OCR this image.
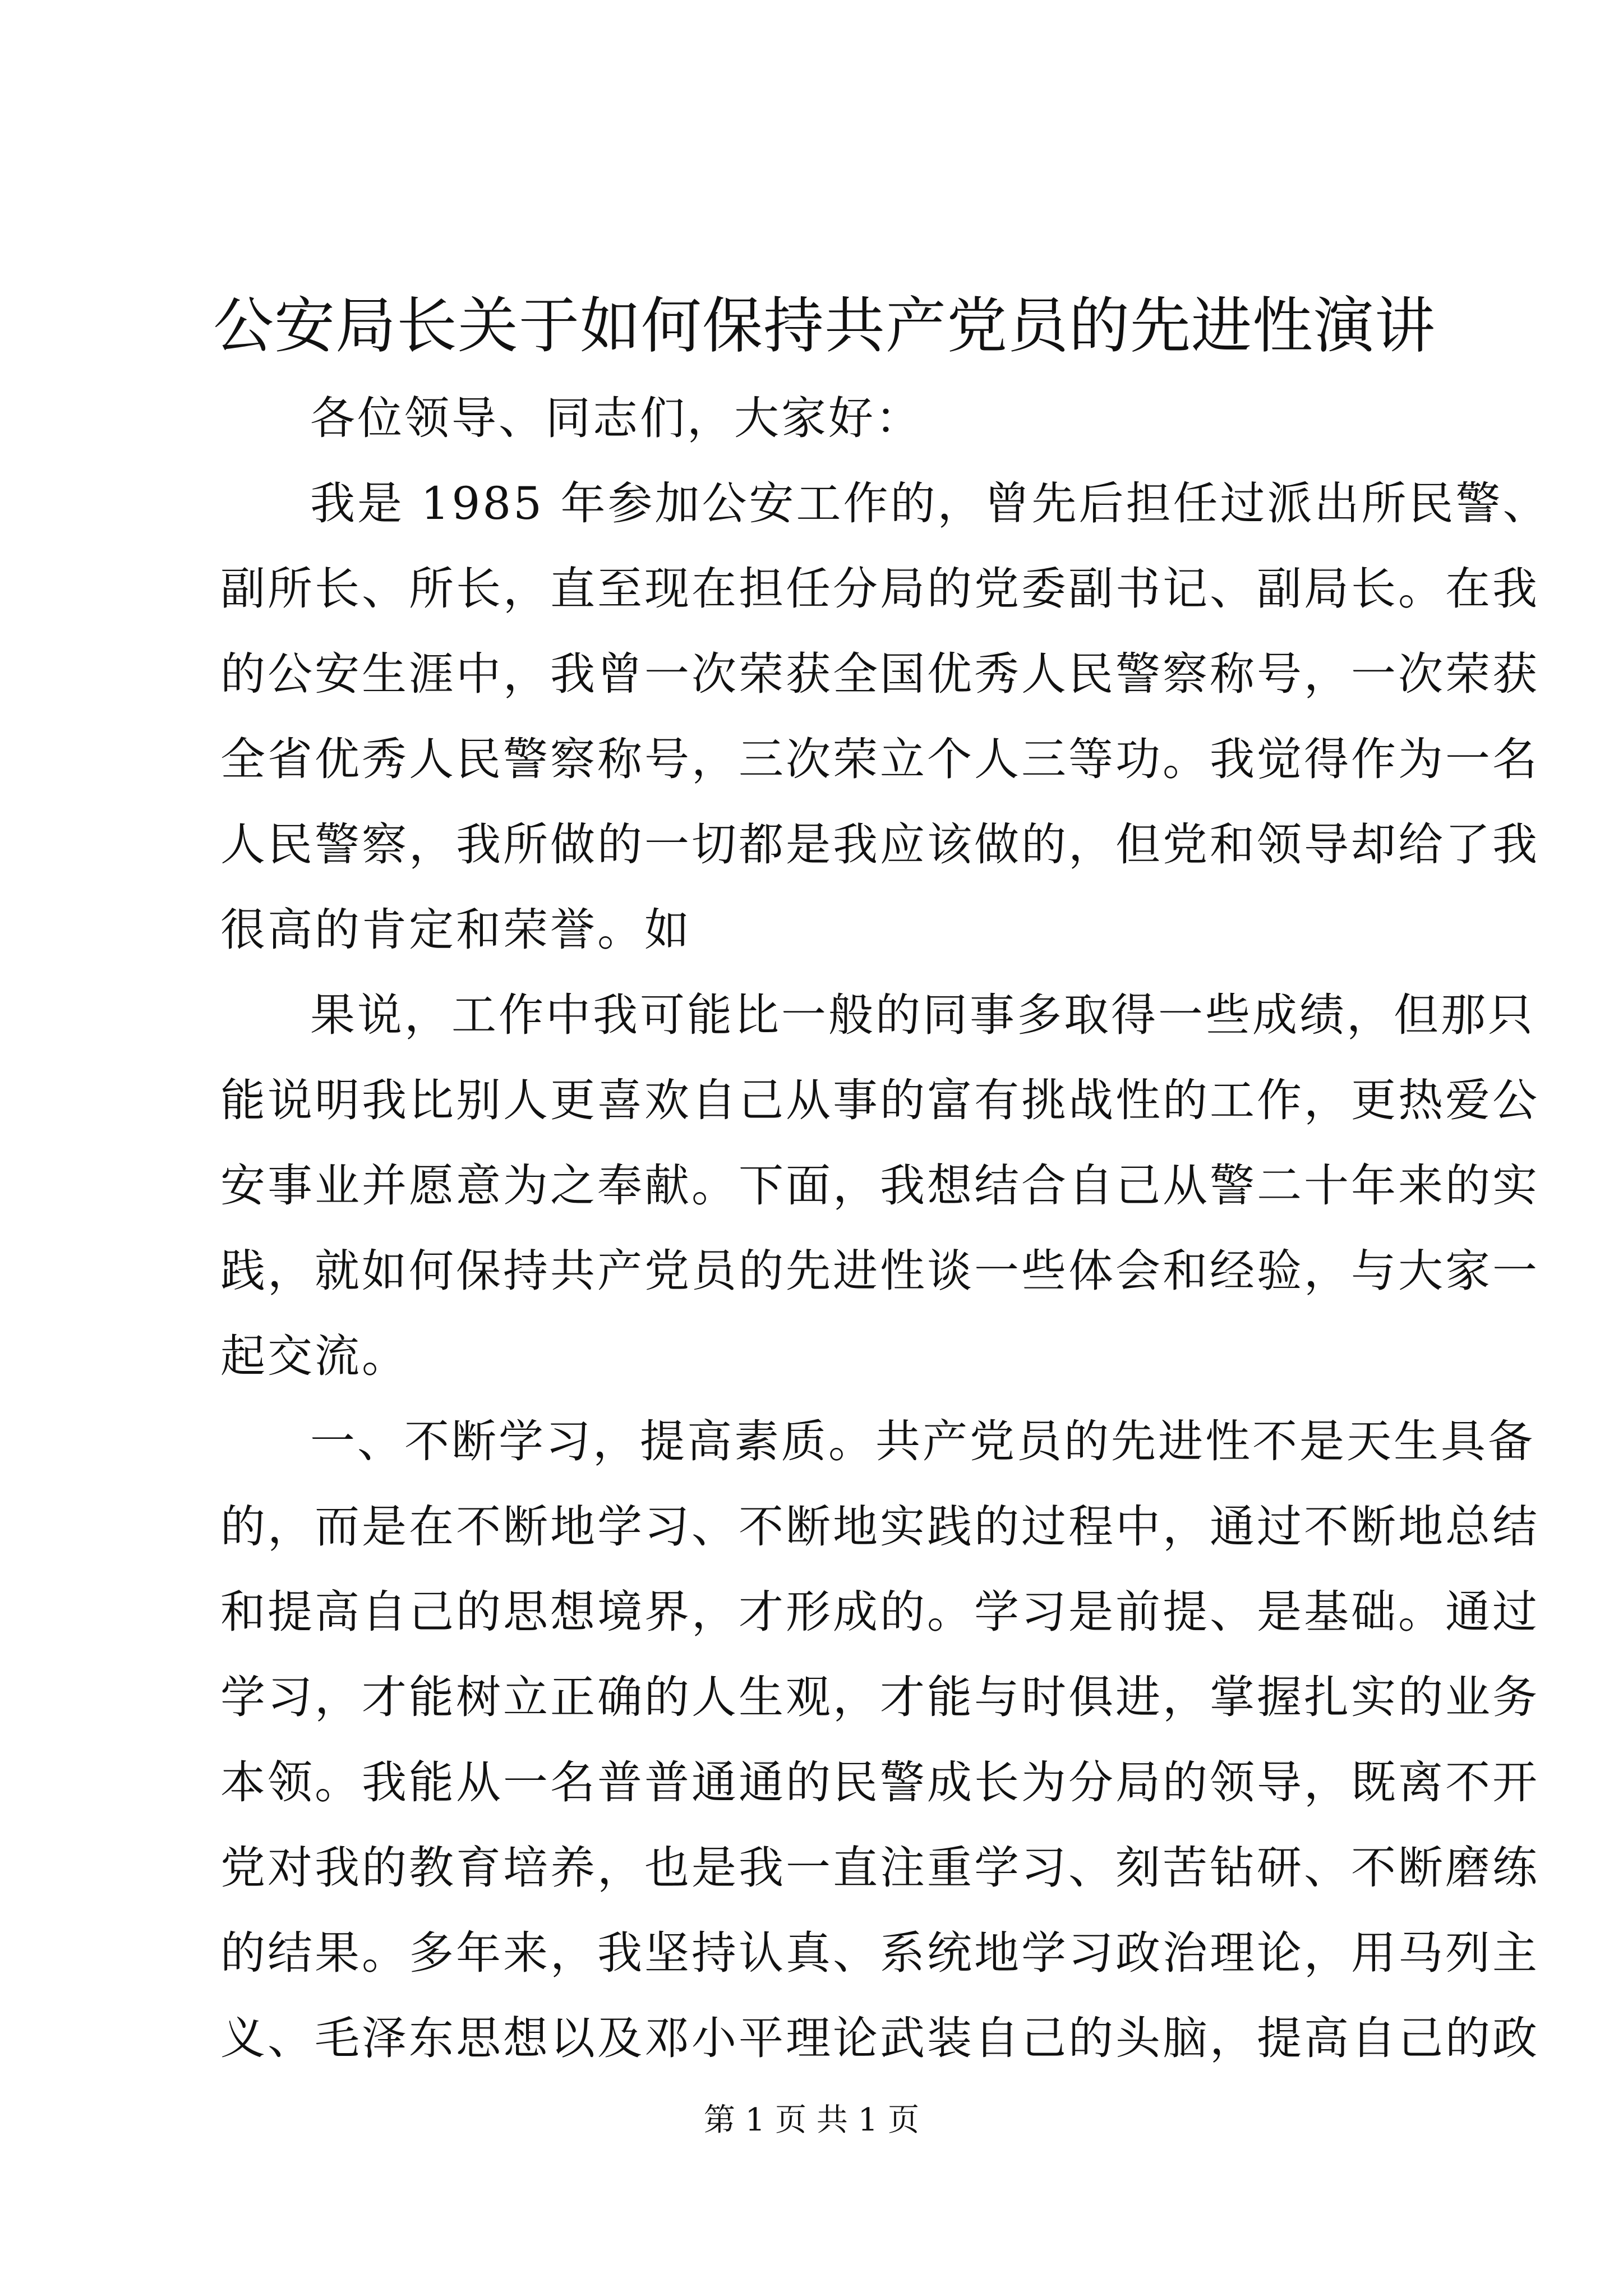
公安局长关于如何保持共产党员的先进性演讲
各位领导、同志们，大家好：
我是 1985 年参加公安工作的，曾先后担任过派出所民警、
副所长、所长，直至现在担任分局的党委副书记、副局长。在我
的公安生涯中，我曾一次荣获全国优秀人民警察称号，一次荣获
全省优秀人民警察称号，三次荣立个人三等功。我觉得作为一名
人民警察，我所做的一切都是我应该做的，但党和领导却给了我
很高的肯定和荣誉。如
果说，工作中我可能比一般的同事多取得一些成绩，但那只
能说明我比别人更喜欢自己从事的富有挑战性的工作，更热爱公
安事业并愿意为之奉献。下面，我想结合自己从警二十年来的实
践，就如何保持共产党员的先进性谈一些体会和经验，与大家一
起交流。
一、不断学习，提高素质。共产党员的先进性不是天生具备
的，而是在不断地学习、不断地实践的过程中，通过不断地总结
和提高自己的思想境界，才形成的。学习是前提、是基础。通过
学习，才能树立正确的人生观，才能与时俱进，掌握扎实的业务
本领。我能从一名普普通通的民警成长为分局的领导，既离不开
党对我的教育培养，也是我一直注重学习、刻苦钻研、不断磨练
的结果。多年来，我坚持认真、系统地学习政治理论，用马列主
义、毛泽东思想以及邓小平理论武装自己的头脑，提高自己的政
第 1 页 共 1 页
